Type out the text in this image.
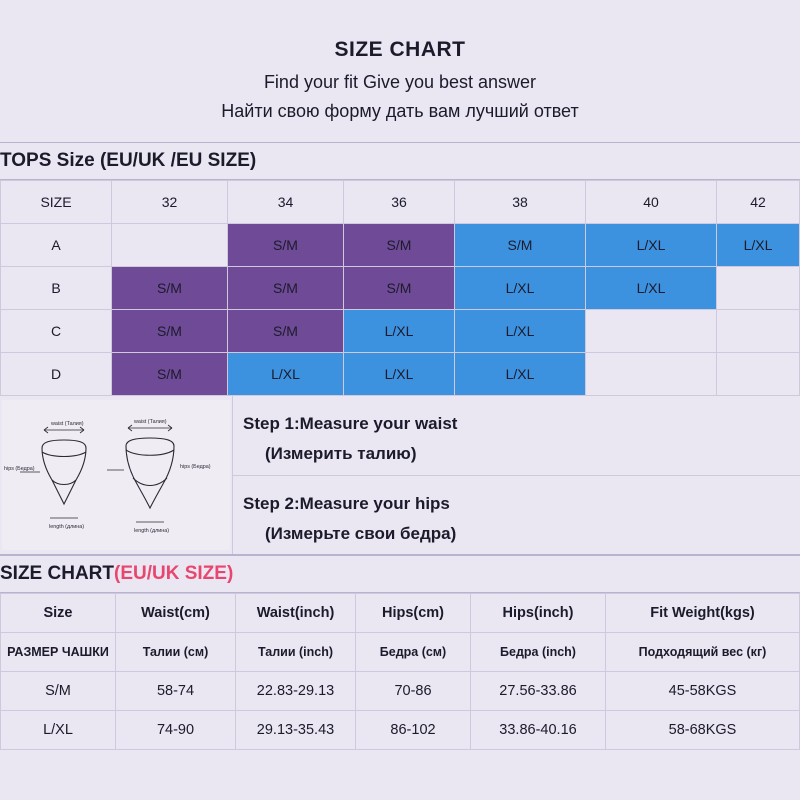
SIZE CHART
Find your fit Give you best answer
Найти свою форму дать вам лучший ответ
TOPS Size (EU/UK /EU SIZE)
SIZE	32	34	36	38	40	42
A		S/M	S/M	S/M	L/XL	L/XL
B	S/M	S/M	S/M	L/XL	L/XL	
C	S/M	S/M	L/XL	L/XL		
D	S/M	L/XL	L/XL	L/XL		
waist (Талия)	waist (Талия)
hips (Бедра)	hips (Бедра)
length (длина)
length (длина)
Step 1:Measure your waist
(Измерить талию)
Step 2:Measure your hips
(Измерьте свои бедра)
SIZE CHART(EU/UK SIZE)
Size	Waist(cm)	Waist(inch)	Hips(cm)	Hips(inch)	Fit Weight(kgs)
РАЗМЕР ЧАШКИ	Талии (см)	Талии (inch)	Бедра (см)	Бедра (inch)	Подходящий вес (кг)
S/M	58-74	22.83-29.13	70-86	27.56-33.86	45-58KGS
L/XL	74-90	29.13-35.43	86-102	33.86-40.16	58-68KGS
